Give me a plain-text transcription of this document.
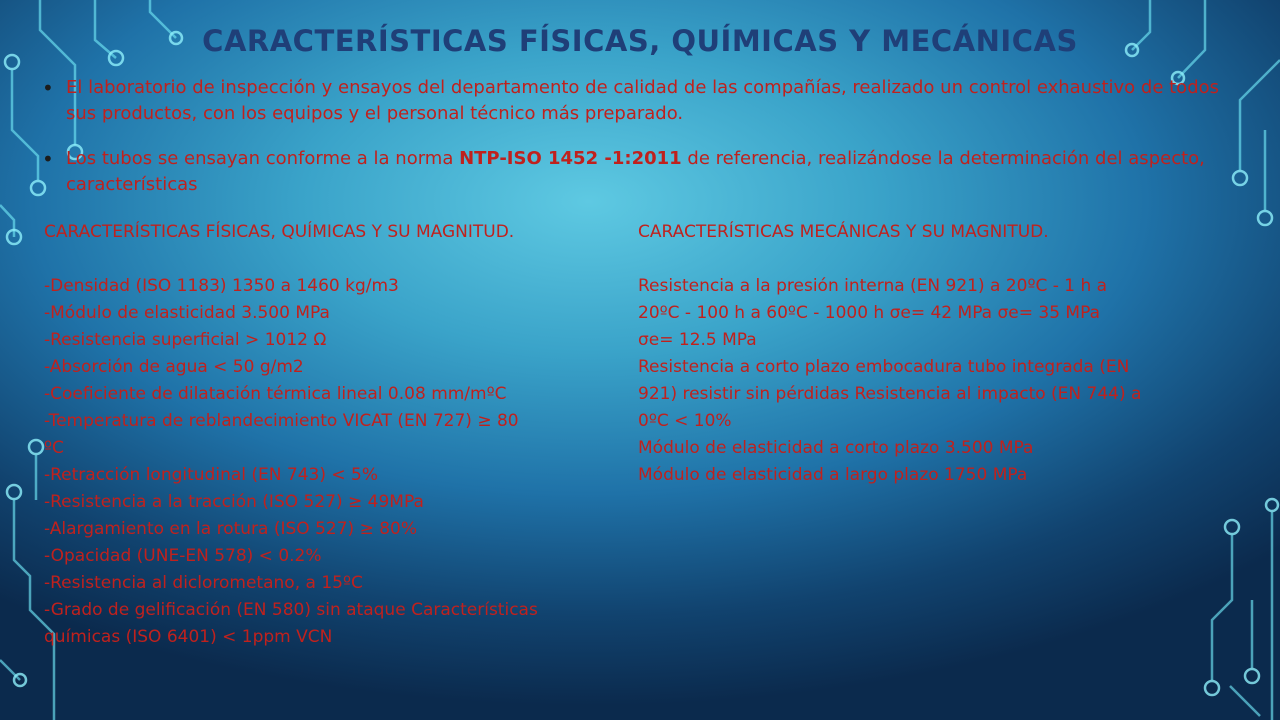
CARACTERÍSTICAS FÍSICAS, QUÍMICAS Y MECÁNICAS
• El laboratorio de inspección y ensayos del departamento de calidad de las compañías, realizado un control exhaustivo de todos sus productos, con los equipos y el personal técnico más preparado.
• Los tubos se ensayan conforme a la norma NTP-ISO 1452 -1:2011 de referencia, realizándose la determinación del aspecto, características
CARACTERÍSTICAS FÍSICAS, QUÍMICAS Y SU MAGNITUD.

-Densidad (ISO 1183) 1350 a 1460 kg/m3
-Módulo de elasticidad 3.500 MPa
-Resistencia superficial > 1012 Ω
-Absorción de agua < 50 g/m2
-Coeficiente de dilatación térmica lineal 0.08 mm/mºC
-Temperatura de reblandecimiento VICAT (EN 727) ≥ 80
ºC
-Retracción longitudinal (EN 743) < 5%
-Resistencia a la tracción (ISO 527) ≥ 49MPa
-Alargamiento en la rotura (ISO 527) ≥ 80%
-Opacidad (UNE-EN 578) < 0.2%
-Resistencia al diclorometano, a 15ºC
-Grado de gelificación (EN 580) sin ataque Características
químicas (ISO 6401) < 1ppm VCN
CARACTERÍSTICAS MECÁNICAS Y SU MAGNITUD.

Resistencia a la presión interna (EN 921) a 20ºC - 1 h a
20ºC - 100 h a 60ºC - 1000 h σe= 42 MPa σe= 35 MPa
σe= 12.5 MPa
Resistencia a corto plazo embocadura tubo integrada (EN
921) resistir sin pérdidas Resistencia al impacto (EN 744) a
0ºC < 10%
Módulo de elasticidad a corto plazo 3.500 MPa
Módulo de elasticidad a largo plazo 1750 MPa
